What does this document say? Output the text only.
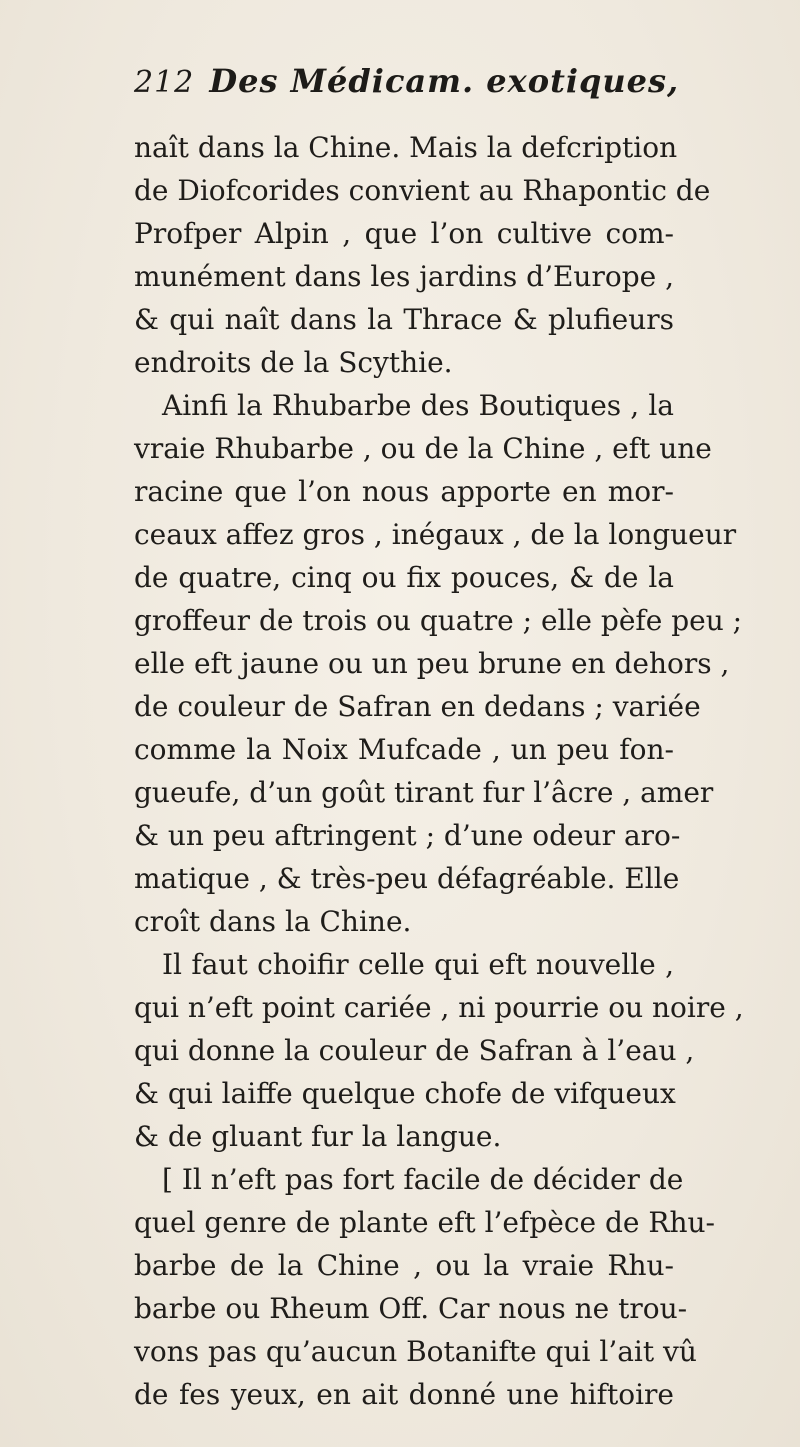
212 Des Médicam. exotiques,
naît dans la Chine. Mais la defcription
de Diofcorides convient au Rhapontic de
Profper Alpin , que l’on cultive com-
munément dans les jardins d’Europe ,
& qui naît dans la Thrace & plufieurs
endroits de la Scythie.
Ainfi la Rhubarbe des Boutiques , la
vraie Rhubarbe , ou de la Chine , eft une
racine que l’on nous apporte en mor-
ceaux affez gros , inégaux , de la longueur
de quatre, cinq ou fix pouces, & de la
groffeur de trois ou quatre ; elle pèfe peu ;
elle eft jaune ou un peu brune en dehors ,
de couleur de Safran en dedans ; variée
comme la Noix Mufcade , un peu fon-
gueufe, d’un goût tirant fur l’âcre , amer
& un peu aftringent ; d’une odeur aro-
matique , & très-peu défagréable. Elle
croît dans la Chine.
Il faut choifir celle qui eft nouvelle ,
qui n’eft point cariée , ni pourrie ou noire ,
qui donne la couleur de Safran à l’eau ,
& qui laiffe quelque chofe de vifqueux
& de gluant fur la langue.
[ Il n’eft pas fort facile de décider de
quel genre de plante eft l’efpèce de Rhu-
barbe de la Chine , ou la vraie Rhu-
barbe ou Rheum Off. Car nous ne trou-
vons pas qu’aucun Botanifte qui l’ait vû
de fes yeux, en ait donné une hiftoire
